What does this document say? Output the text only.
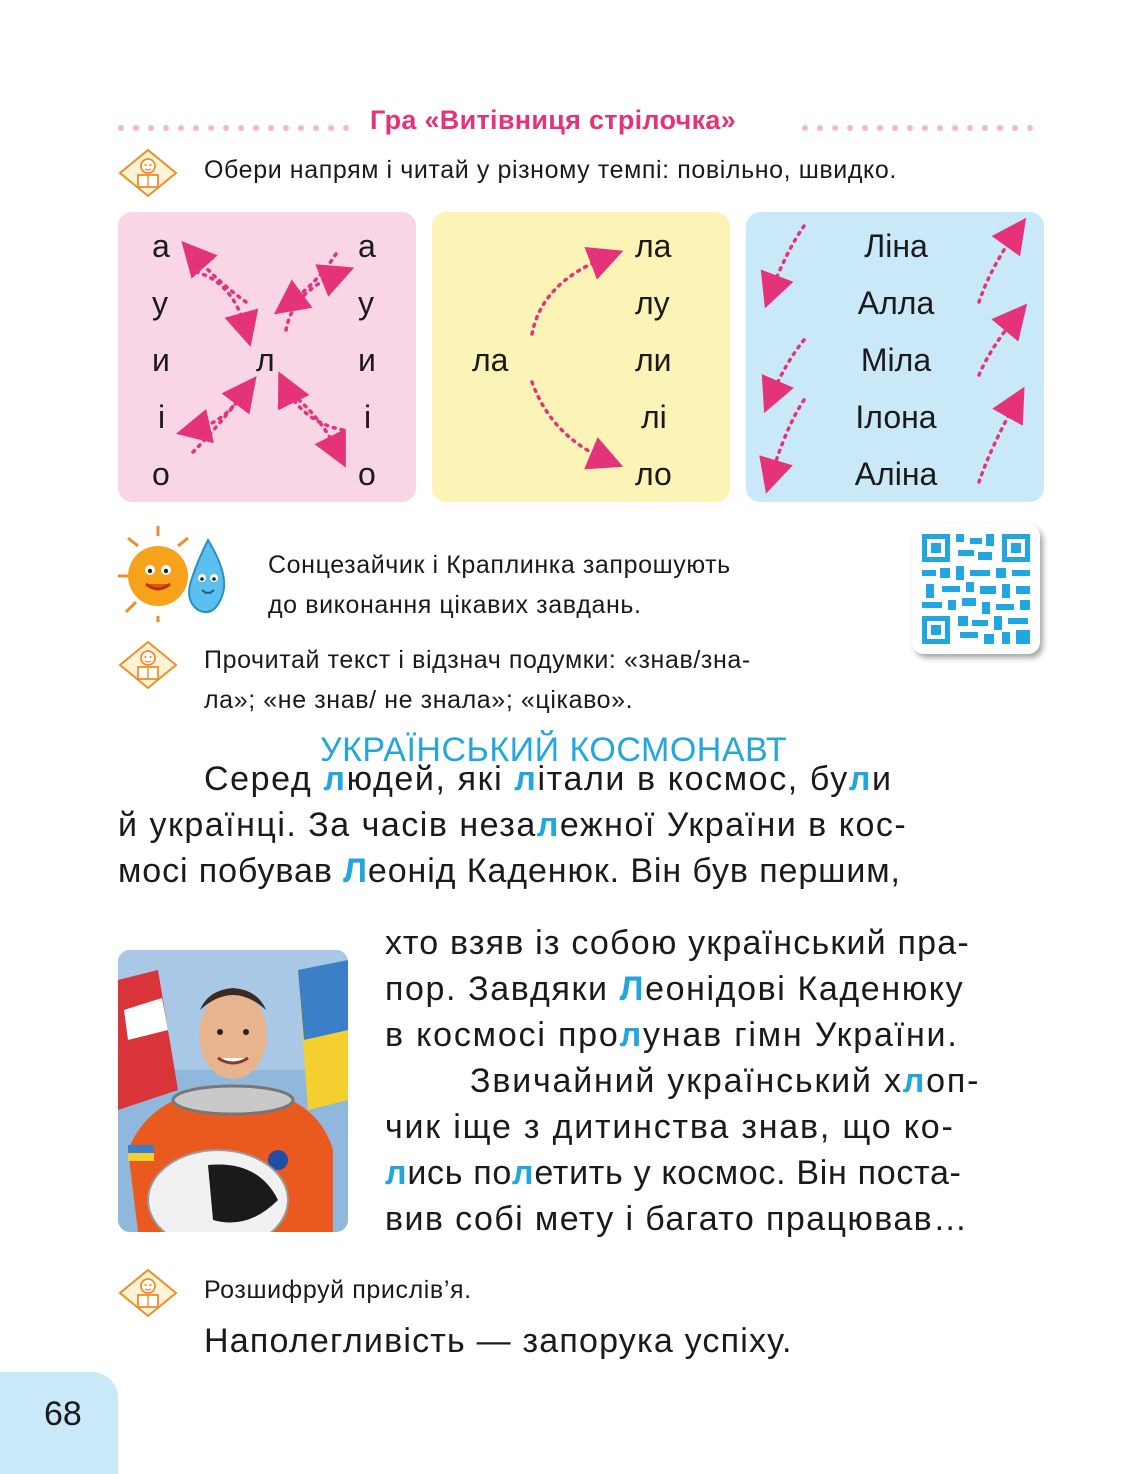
Гра «Витівниця стрілочка»
Обери напрям і читай у різному темпі: повільно, швидко.
а
у
и
і
о
л
а
у
и
і
о
ла
ла
лу
ли
лі
ло
Ліна
Алла
Міла
Ілона
Аліна
Сонцезайчик і Краплинка запрошують
до виконання цікавих завдань.
Прочитай текст і відзнач подумки: «знав/зна-
ла»; «не знав/ не знала»; «цікаво».
УКРАЇНСЬКИЙ КОСМОНАВТ
Серед людей, які літали в космос, були
й українці. За часів незалежної України в кос-
мосі побував Леонід Каденюк. Він був першим,
хто взяв із собою український пра-
пор. Завдяки Леонідові Каденюку
в космосі пролунав гімн України.
Звичайний український хлоп-
чик іще з дитинства знав, що ко-
лись полетить у космос. Він поста-
вив собі мету і багато працював…
Розшифруй прислів’я.
Наполегливість — запорука успіху.
68
